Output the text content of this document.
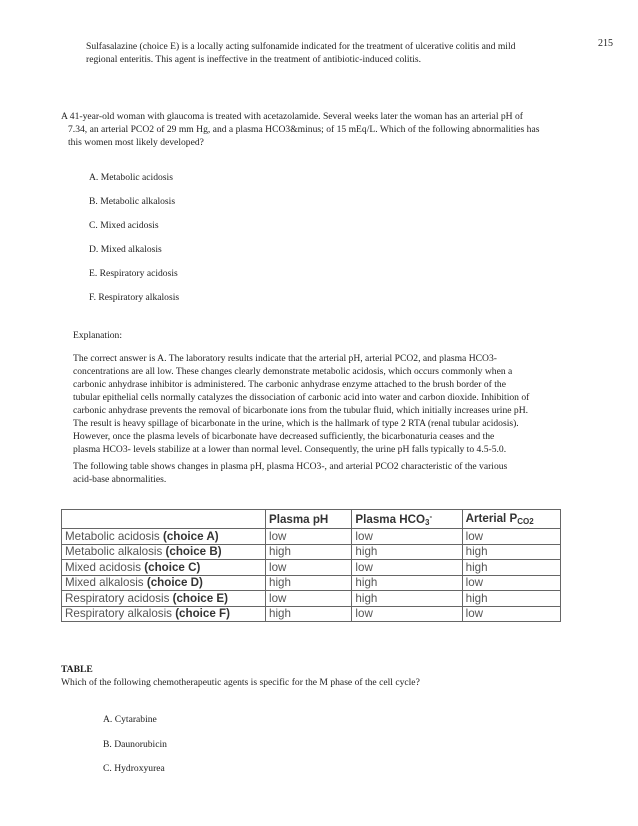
215
Sulfasalazine (choice E) is a locally acting sulfonamide indicated for the treatment of ulcerative colitis and mild
regional enteritis. This agent is ineffective in the treatment of antibiotic-induced colitis.
A 41-year-old woman with glaucoma is treated with acetazolamide. Several weeks later the woman has an arterial pH of
7.34, an arterial PCO2 of 29 mm Hg, and a plasma HCO3&minus; of 15 mEq/L. Which of the following abnormalities has
this women most likely developed?
A. Metabolic acidosis
B. Metabolic alkalosis
C. Mixed acidosis
D. Mixed alkalosis
E. Respiratory acidosis
F. Respiratory alkalosis
Explanation:
The correct answer is A. The laboratory results indicate that the arterial pH, arterial PCO2, and plasma HCO3-
concentrations are all low. These changes clearly demonstrate metabolic acidosis, which occurs commonly when a
carbonic anhydrase inhibitor is administered. The carbonic anhydrase enzyme attached to the brush border of the
tubular epithelial cells normally catalyzes the dissociation of carbonic acid into water and carbon dioxide. Inhibition of
carbonic anhydrase prevents the removal of bicarbonate ions from the tubular fluid, which initially increases urine pH.
The result is heavy spillage of bicarbonate in the urine, which is the hallmark of type 2 RTA (renal tubular acidosis).
However, once the plasma levels of bicarbonate have decreased sufficiently, the bicarbonaturia ceases and the
plasma HCO3- levels stabilize at a lower than normal level. Consequently, the urine pH falls typically to 4.5-5.0.
The following table shows changes in plasma pH, plasma HCO3-, and arterial PCO2 characteristic of the various
acid-base abnormalities.
	Plasma pH	Plasma $HCO_3^-$	Arterial $P_{CO2}$
Metabolic acidosis (choice A)	low	low	low
Metabolic alkalosis (choice B)	high	high	high
Mixed acidosis (choice C)	low	low	high
Mixed alkalosis (choice D)	high	high	low
Respiratory acidosis (choice E)	low	high	high
Respiratory alkalosis (choice F)	high	low	low
TABLE
Which of the following chemotherapeutic agents is specific for the M phase of the cell cycle?
A. Cytarabine
B. Daunorubicin
C. Hydroxyurea
